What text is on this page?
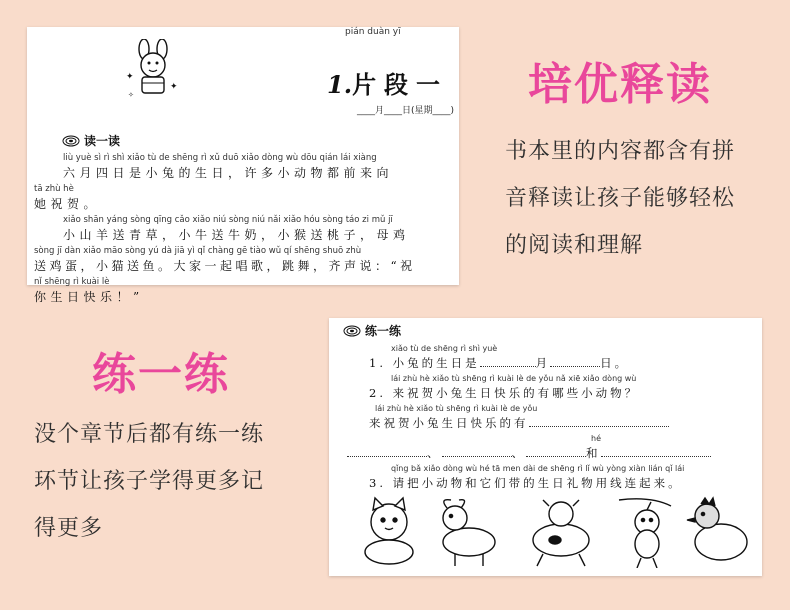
pián duàn yī
✦
✦
✧	1.片段一
____月____日(星期____)
读一读
liù yuè sì rì shì xiǎo tù de shēng rì xǔ duō xiǎo dòng wù dōu qián lái xiàng
六月四日是小兔的生日，许多小动物都前来向
tā zhù hè
她祝贺。
xiǎo shān yáng sòng qīng cǎo xiǎo niú sòng niú nǎi xiǎo hóu sòng táo zi mǔ jī
小山羊送青草，小牛送牛奶，小猴送桃子，母鸡
sòng jī dàn xiǎo māo sòng yú dà jiā yì qǐ chàng gē tiào wǔ qí shēng shuō zhù
送鸡蛋，小猫送鱼。大家一起唱歌，跳舞，齐声说：“祝
nǐ shēng rì kuài lè
你生日快乐！”
培优释读
书本里的内容都含有拼
音释读让孩子能够轻松
的阅读和理解
练一练
没个章节后都有练一练
环节让孩子学得更多记
得更多
练一练
xiǎo tù de shēng rì shì yuè
1. 小兔的生日是	月	日。
lái zhù hè xiǎo tù shēng rì kuài lè de yǒu nǎ xiē xiǎo dòng wù
2. 来祝贺小兔生日快乐的有哪些小动物？
lái zhù hè xiǎo tù shēng rì kuài lè de yǒu
来祝贺小兔生日快乐的有
hé
、	、	和
qǐng bǎ xiǎo dòng wù hé tā men dài de shēng rì lǐ wù yòng xiàn lián qǐ lái
3. 请把小动物和它们带的生日礼物用线连起来。
